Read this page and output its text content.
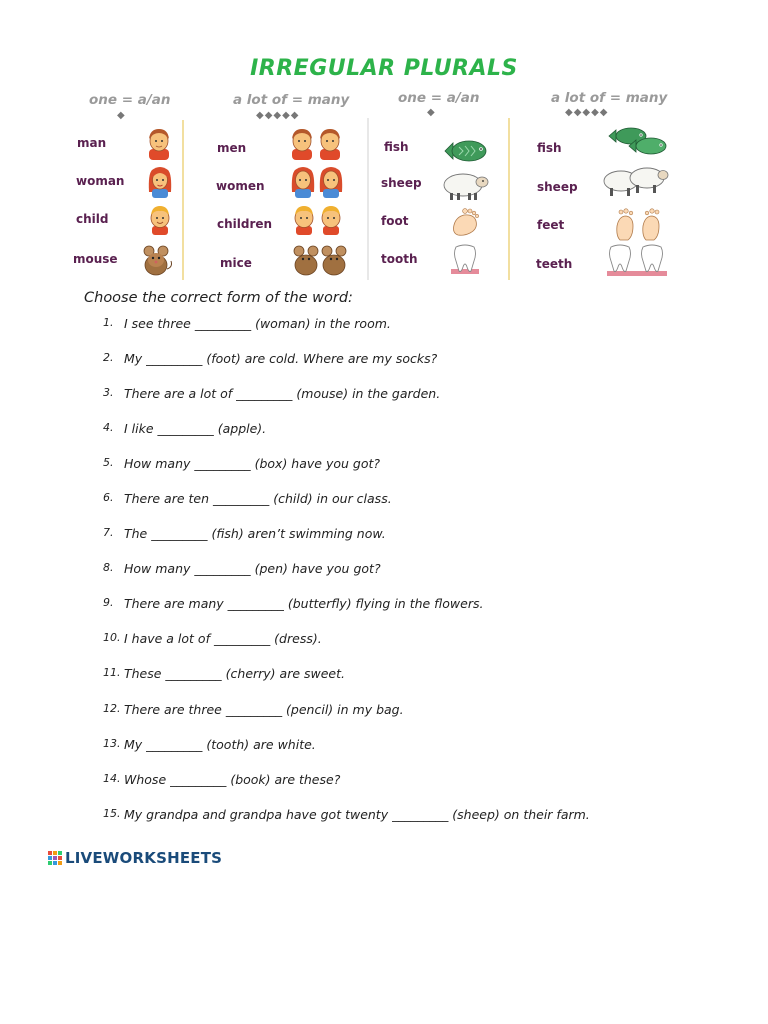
IRREGULAR PLURALS
one = a/an
◆
a lot of = many
◆◆◆◆◆
one = a/an
◆
a lot of = many
◆◆◆◆◆
man
woman
child
mouse
men
women
children
mice
fish
sheep
foot
tooth
fish
sheep
feet
teeth
Choose the correct form of the word:
1. I see three _________ (woman) in the room.
2. My _________ (foot) are cold. Where are my socks?
3. There are a lot of _________ (mouse) in the garden.
4. I like _________ (apple).
5. How many _________ (box) have you got?
6. There are ten _________ (child) in our class.
7. The _________ (fish) aren’t swimming now.
8. How many _________ (pen) have you got?
9. There are many _________ (butterfly) flying in the flowers.
10. I have a lot of _________ (dress).
11. These _________ (cherry) are sweet.
12. There are three _________ (pencil) in my bag.
13. My _________ (tooth) are white.
14. Whose _________ (book) are these?
15. My grandpa and grandpa have got twenty _________ (sheep) on their farm.
LIVEWORKSHEETS
